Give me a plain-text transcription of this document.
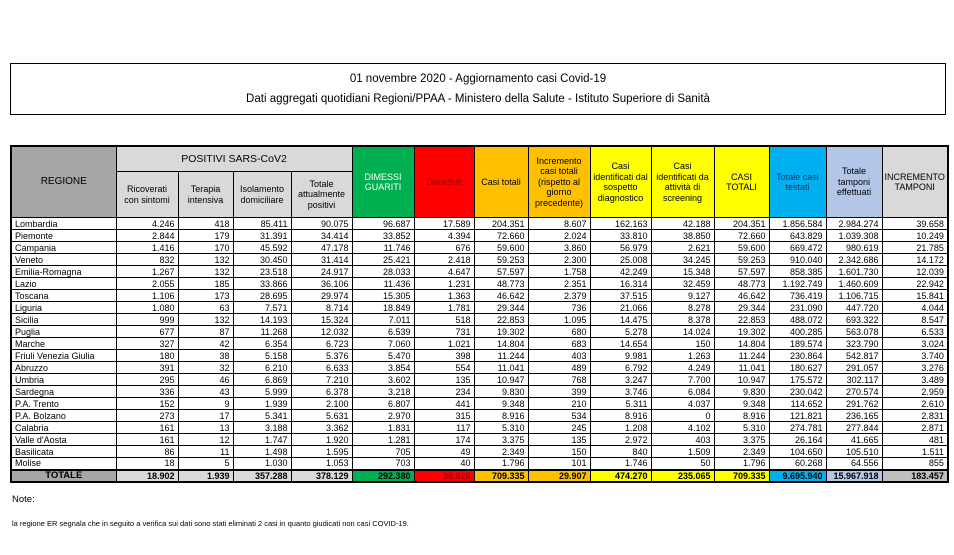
01 novembre 2020 - Aggiornamento casi Covid-19
Dati aggregati quotidiani Regioni/PPAA - Ministero della Salute - Istituto Superiore di Sanità
REGIONE	POSITIVI SARS-CoV2				DIMESSI GUARITI	Deceduti	Casi totali	Incremento casi totali (rispetto al giorno precedente)	Casi identificati dal sospetto diagnostico	Casi identificati da attività di screening	CASI TOTALI	Totale casi testati	Totale tamponi effettuati	INCREMENTO TAMPONI
	Ricoverati con sintomi	Terapia intensiva	Isolamento domiciliare	Totale attualmente positivi										
Lombardia	4.246	418	85.411	90.075	96.687	17.589	204.351	8.607	162.163	42.188	204.351	1.856.584	2.984.274	39.658
Piemonte	2.844	179	31.391	34.414	33.852	4.394	72.660	2.024	33.810	38.850	72.660	643.829	1.039.308	10.249
Campania	1.416	170	45.592	47.178	11.746	676	59.600	3.860	56.979	2.621	59.600	669.472	980.619	21.785
Veneto	832	132	30.450	31.414	25.421	2.418	59.253	2.300	25.008	34.245	59.253	910.040	2.342.686	14.172
Emilia-Romagna	1.267	132	23.518	24.917	28.033	4.647	57.597	1.758	42.249	15.348	57.597	858.385	1.601.730	12.039
Lazio	2.055	185	33.866	36.106	11.436	1.231	48.773	2.351	16.314	32.459	48.773	1.192.749	1.460.609	22.942
Toscana	1.106	173	28.695	29.974	15.305	1.363	46.642	2.379	37.515	9.127	46.642	736.419	1.106.715	15.841
Liguria	1.080	63	7.571	8.714	18.849	1.781	29.344	736	21.066	8.278	29.344	231.090	447.720	4.044
Sicilia	999	132	14.193	15.324	7.011	518	22.853	1.095	14.475	8.378	22.853	488.072	693.322	8.547
Puglia	677	87	11.268	12.032	6.539	731	19.302	680	5.278	14.024	19.302	400.285	563.078	6.533
Marche	327	42	6.354	6.723	7.060	1.021	14.804	683	14.654	150	14.804	189.574	323.790	3.024
Friuli Venezia Giulia	180	38	5.158	5.376	5.470	398	11.244	403	9.981	1.263	11.244	230.864	542.817	3.740
Abruzzo	391	32	6.210	6.633	3.854	554	11.041	489	6.792	4.249	11.041	180.627	291.057	3.276
Umbria	295	46	6.869	7.210	3.602	135	10.947	768	3.247	7.700	10.947	175.572	302.117	3.489
Sardegna	336	43	5.999	6.378	3.218	234	9.830	399	3.746	6.084	9.830	230.042	270.574	2.959
P.A. Trento	152	9	1.939	2.100	6.807	441	9.348	210	5.311	4.037	9.348	114.652	291.762	2.610
P.A. Bolzano	273	17	5.341	5.631	2.970	315	8.916	534	8.916	0	8.916	121.821	236.165	2.831
Calabria	161	13	3.188	3.362	1.831	117	5.310	245	1.208	4.102	5.310	274.781	277.844	2.871
Valle d'Aosta	161	12	1.747	1.920	1.281	174	3.375	135	2.972	403	3.375	26.164	41.665	481
Basilicata	86	11	1.498	1.595	705	49	2.349	150	840	1.509	2.349	104.650	105.510	1.511
Molise	18	5	1.030	1.053	703	40	1.796	101	1.746	50	1.796	60.268	64.556	855
TOTALE	18.902	1.939	357.288	378.129	292.380	38.826	709.335	29.907	474.270	235.065	709.335	9.695.940	15.967.918	183.457
Note:
la regione ER segnala che in seguito a verifica sui dati sono stati eliminati 2 casi in quanto giudicati non casi COVID-19.
